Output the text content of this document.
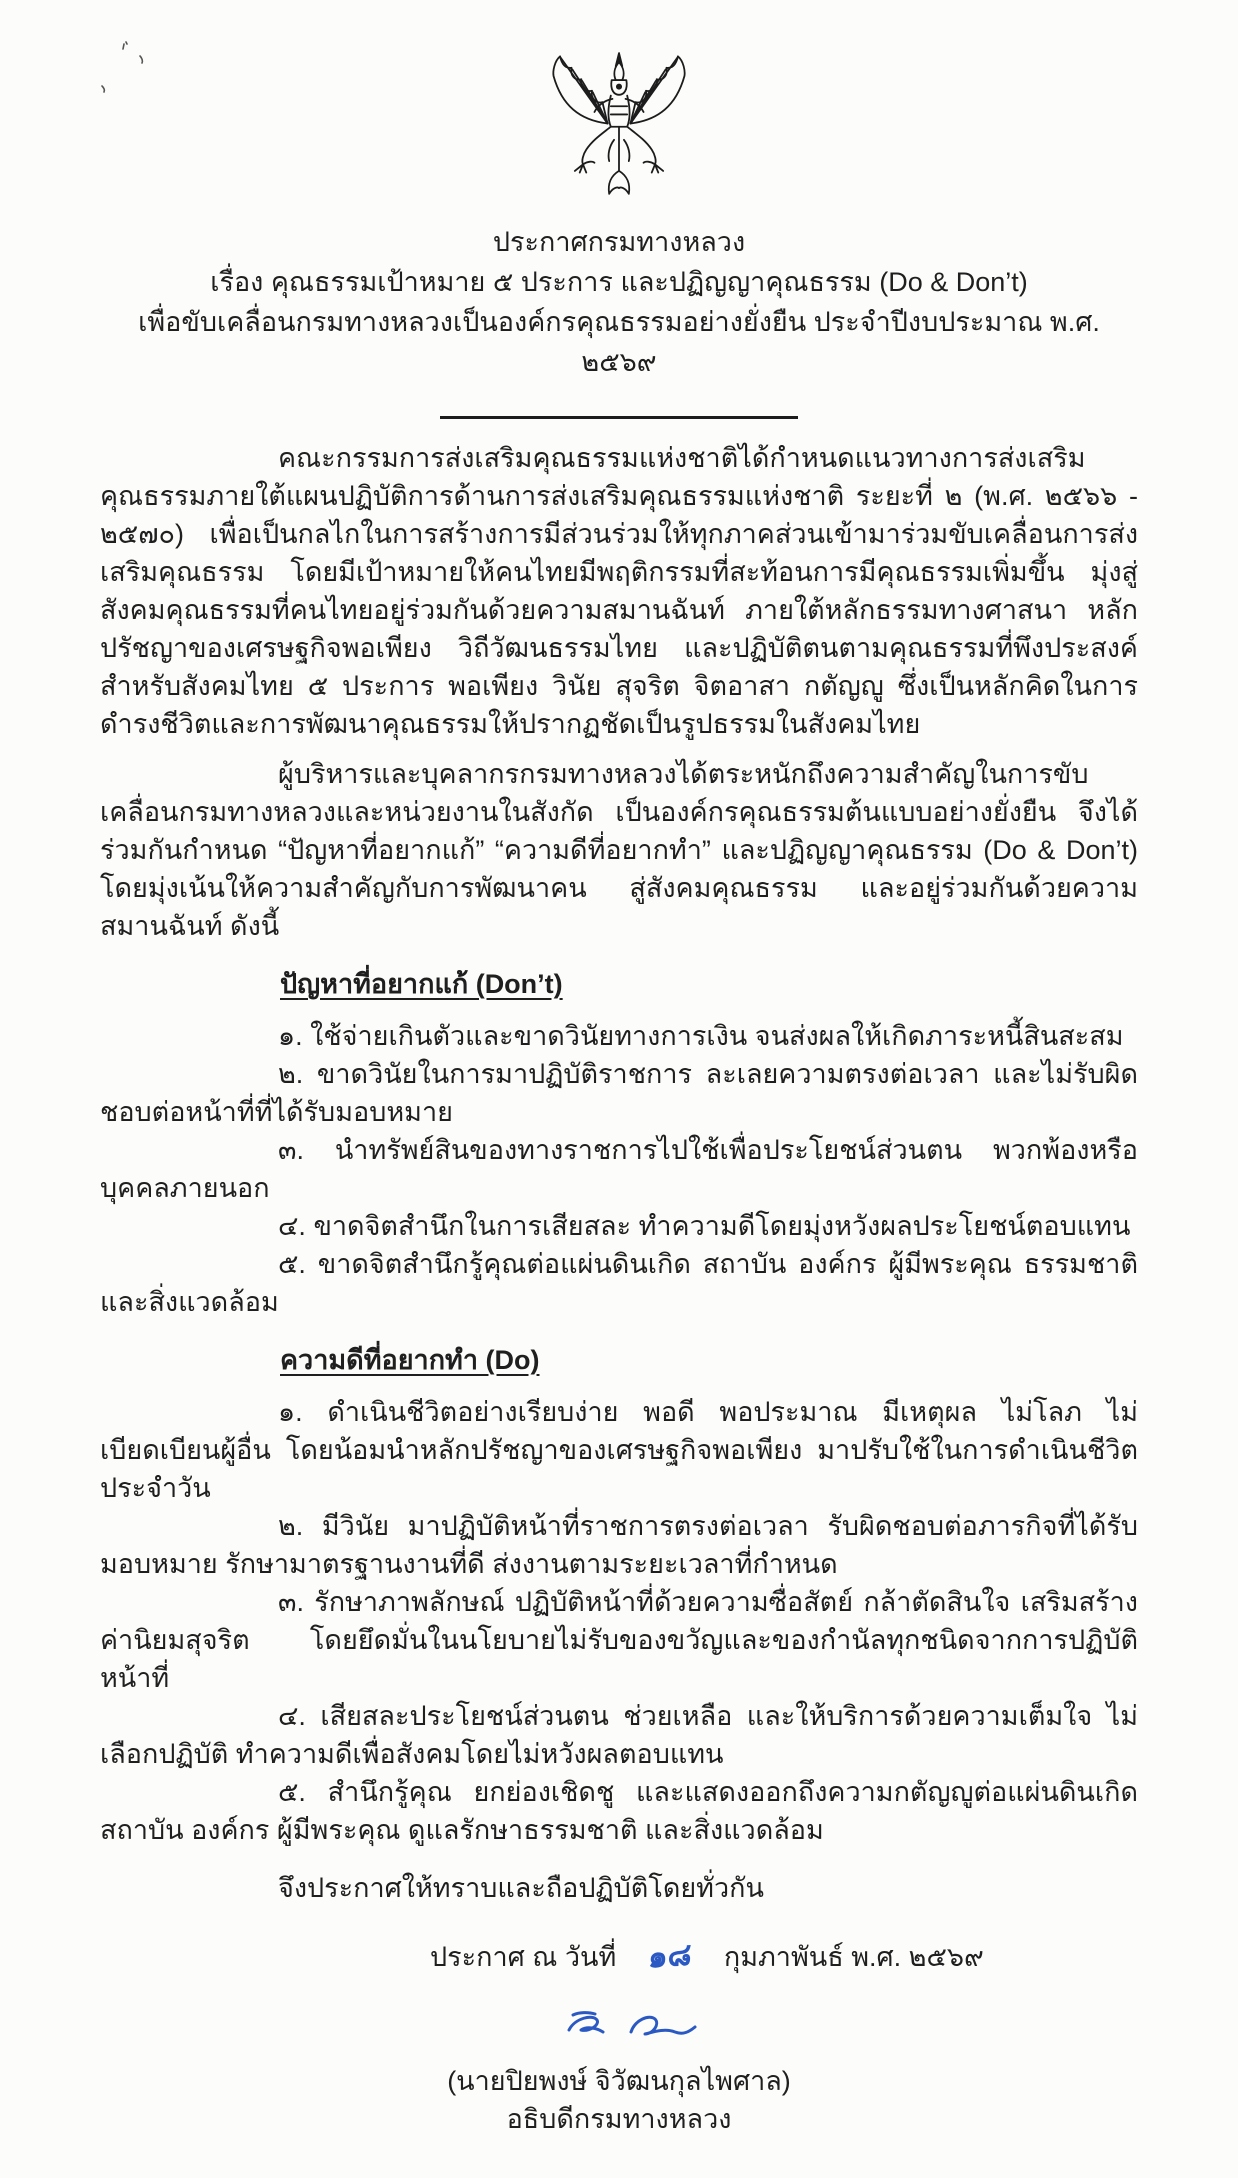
ประกาศกรมทางหลวง
เรื่อง คุณธรรมเป้าหมาย ๕ ประการ และปฏิญญาคุณธรรม (Do & Don’t)
เพื่อขับเคลื่อนกรมทางหลวงเป็นองค์กรคุณธรรมอย่างยั่งยืน ประจำปีงบประมาณ พ.ศ. ๒๕๖๙

คณะกรรมการส่งเสริมคุณธรรมแห่งชาติได้กำหนดแนวทางการส่งเสริมคุณธรรมภายใต้แผนปฏิบัติการด้านการส่งเสริมคุณธรรมแห่งชาติ ระยะที่ ๒ (พ.ศ. ๒๕๖๖ - ๒๕๗๐) เพื่อเป็นกลไกในการสร้างการมีส่วนร่วมให้ทุกภาคส่วนเข้ามาร่วมขับเคลื่อนการส่งเสริมคุณธรรม โดยมีเป้าหมายให้คนไทยมีพฤติกรรมที่สะท้อนการมีคุณธรรมเพิ่มขึ้น มุ่งสู่สังคมคุณธรรมที่คนไทยอยู่ร่วมกันด้วยความสมานฉันท์ ภายใต้หลักธรรมทางศาสนา หลักปรัชญาของเศรษฐกิจพอเพียง วิถีวัฒนธรรมไทย และปฏิบัติตนตามคุณธรรมที่พึงประสงค์สำหรับสังคมไทย ๕ ประการ พอเพียง วินัย สุจริต จิตอาสา กตัญญู ซึ่งเป็นหลักคิดในการดำรงชีวิตและการพัฒนาคุณธรรมให้ปรากฏชัดเป็นรูปธรรมในสังคมไทย

ผู้บริหารและบุคลากรกรมทางหลวงได้ตระหนักถึงความสำคัญในการขับเคลื่อนกรมทางหลวงและหน่วยงานในสังกัด เป็นองค์กรคุณธรรมต้นแบบอย่างยั่งยืน จึงได้ร่วมกันกำหนด “ปัญหาที่อยากแก้” “ความดีที่อยากทำ” และปฏิญญาคุณธรรม (Do & Don’t) โดยมุ่งเน้นให้ความสำคัญกับการพัฒนาคน สู่สังคมคุณธรรม และอยู่ร่วมกันด้วยความสมานฉันท์ ดังนี้

ปัญหาที่อยากแก้ (Don’t)

๑. ใช้จ่ายเกินตัวและขาดวินัยทางการเงิน จนส่งผลให้เกิดภาระหนี้สินสะสม

๒. ขาดวินัยในการมาปฏิบัติราชการ ละเลยความตรงต่อเวลา และไม่รับผิดชอบต่อหน้าที่ที่ได้รับมอบหมาย

๓. นำทรัพย์สินของทางราชการไปใช้เพื่อประโยชน์ส่วนตน พวกพ้องหรือบุคคลภายนอก

๔. ขาดจิตสำนึกในการเสียสละ ทำความดีโดยมุ่งหวังผลประโยชน์ตอบแทน

๕. ขาดจิตสำนึกรู้คุณต่อแผ่นดินเกิด สถาบัน องค์กร ผู้มีพระคุณ ธรรมชาติ และสิ่งแวดล้อม

ความดีที่อยากทำ (Do)

๑. ดำเนินชีวิตอย่างเรียบง่าย พอดี พอประมาณ มีเหตุผล ไม่โลภ ไม่เบียดเบียนผู้อื่น โดยน้อมนำหลักปรัชญาของเศรษฐกิจพอเพียง มาปรับใช้ในการดำเนินชีวิตประจำวัน

๒. มีวินัย มาปฏิบัติหน้าที่ราชการตรงต่อเวลา รับผิดชอบต่อภารกิจที่ได้รับมอบหมาย รักษามาตรฐานงานที่ดี ส่งงานตามระยะเวลาที่กำหนด

๓. รักษาภาพลักษณ์ ปฏิบัติหน้าที่ด้วยความซื่อสัตย์ กล้าตัดสินใจ เสริมสร้างค่านิยมสุจริต โดยยึดมั่นในนโยบายไม่รับของขวัญและของกำนัลทุกชนิดจากการปฏิบัติหน้าที่

๔. เสียสละประโยชน์ส่วนตน ช่วยเหลือ และให้บริการด้วยความเต็มใจ ไม่เลือกปฏิบัติ ทำความดีเพื่อสังคมโดยไม่หวังผลตอบแทน

๕. สำนึกรู้คุณ ยกย่องเชิดชู และแสดงออกถึงความกตัญญูต่อแผ่นดินเกิด สถาบัน องค์กร ผู้มีพระคุณ ดูแลรักษาธรรมชาติ และสิ่งแวดล้อม

จึงประกาศให้ทราบและถือปฏิบัติโดยทั่วกัน

ประกาศ ณ วันที่ ๑๘ กุมภาพันธ์ พ.ศ. ๒๕๖๙
(นายปิยพงษ์ จิวัฒนกุลไพศาล)
อธิบดีกรมทางหลวง
